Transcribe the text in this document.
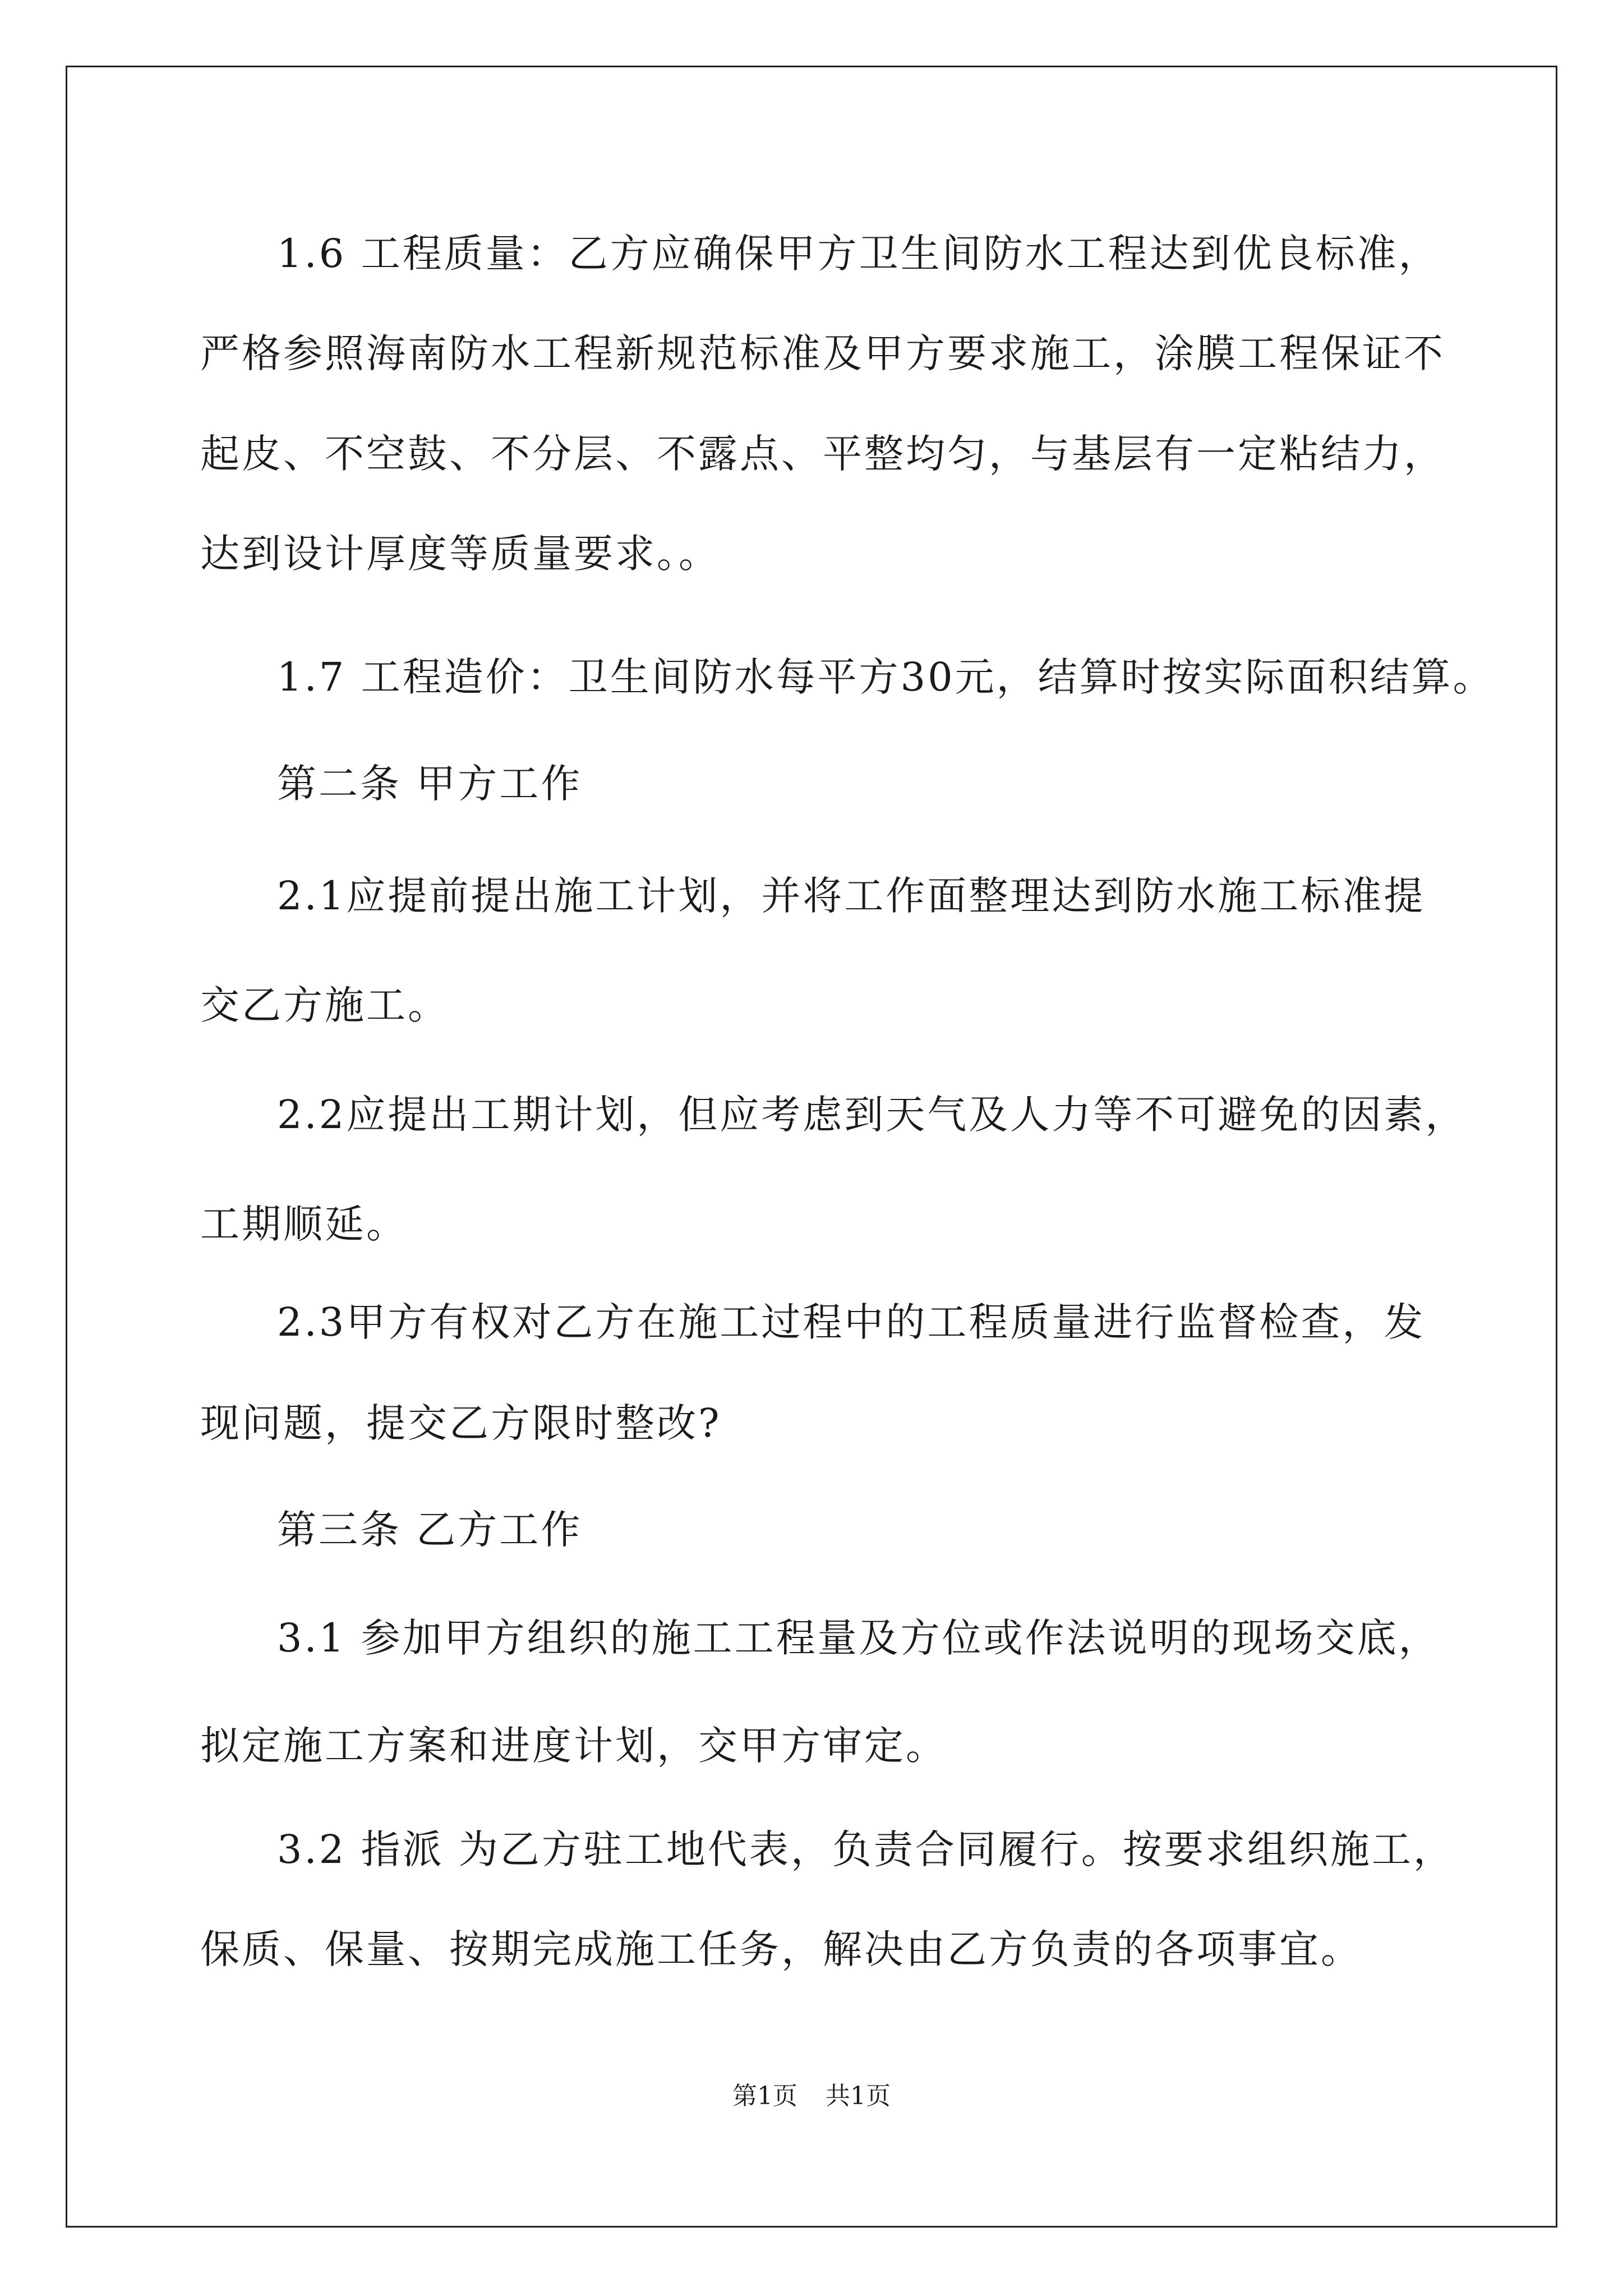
1.6 工程质量：乙方应确保甲方卫生间防水工程达到优良标准，
严格参照海南防水工程新规范标准及甲方要求施工，涂膜工程保证不
起皮、不空鼓、不分层、不露点、平整均匀，与基层有一定粘结力，
达到设计厚度等质量要求。。
1.7 工程造价：卫生间防水每平方30元，结算时按实际面积结算。
第二条 甲方工作
2.1应提前提出施工计划，并将工作面整理达到防水施工标准提
交乙方施工。
2.2应提出工期计划，但应考虑到天气及人力等不可避免的因素，
工期顺延。
2.3甲方有权对乙方在施工过程中的工程质量进行监督检查，发
现问题，提交乙方限时整改?
第三条 乙方工作
3.1 参加甲方组织的施工工程量及方位或作法说明的现场交底，
拟定施工方案和进度计划，交甲方审定。
3.2 指派 为乙方驻工地代表，负责合同履行。按要求组织施工，
保质、保量、按期完成施工任务，解决由乙方负责的各项事宜。
第1页 共1页
